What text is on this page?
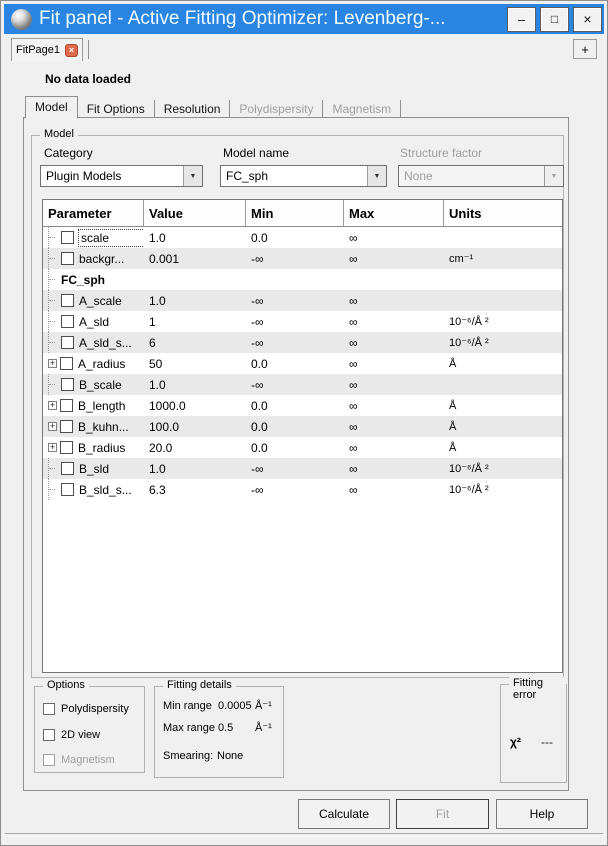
Fit panel - Active Fitting Optimizer: Levenberg-...	–	□	×
FitPage1 ×	+
No data loaded
Model	Fit Options	Resolution	Polydispersity	Magnetism
Model
Category	Model name	Structure factor
Plugin Models	▼	FC_sph	▼	None	▼
Parameter	Value	Min	Max	Units
scale	1.0	0.0	∞
backgr...	0.001	-∞	∞	cm⁻¹
FC_sph
A_scale	1.0	-∞	∞
A_sld	1	-∞	∞	10⁻⁶/Å ²
A_sld_s...	6	-∞	∞	10⁻⁶/Å ²
+ A_radius	50	0.0	∞	Å
B_scale	1.0	-∞	∞
+ B_length	1000.0	0.0	∞	Å
+ B_kuhn...	100.0	0.0	∞	Å
+ B_radius	20.0	0.0	∞	Å
B_sld	1.0	-∞	∞	10⁻⁶/Å ²
B_sld_s...	6.3	-∞	∞	10⁻⁶/Å ²
Options
Polydispersity
2D view
Magnetism
Fitting details
Min range 0.0005 Å⁻¹
Max range 0.5 Å⁻¹
Smearing: None
Fitting error
χ² ---
Calculate	Fit	Help
